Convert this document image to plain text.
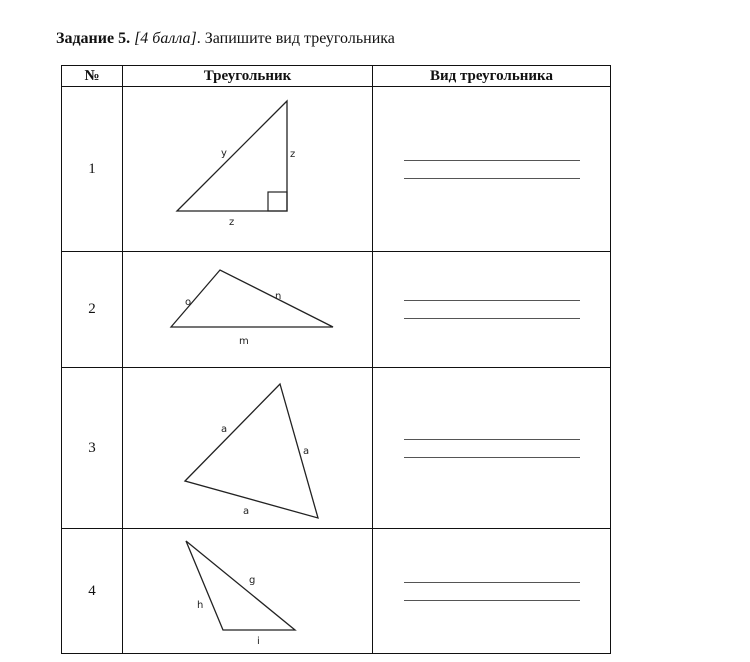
Задание 5. [4 балла]. Запишите вид треугольника
№	Треугольник	Вид треугольника
1	y z
z	

2	o
n
m	

3	a
a
a	

4	g
h
i	
